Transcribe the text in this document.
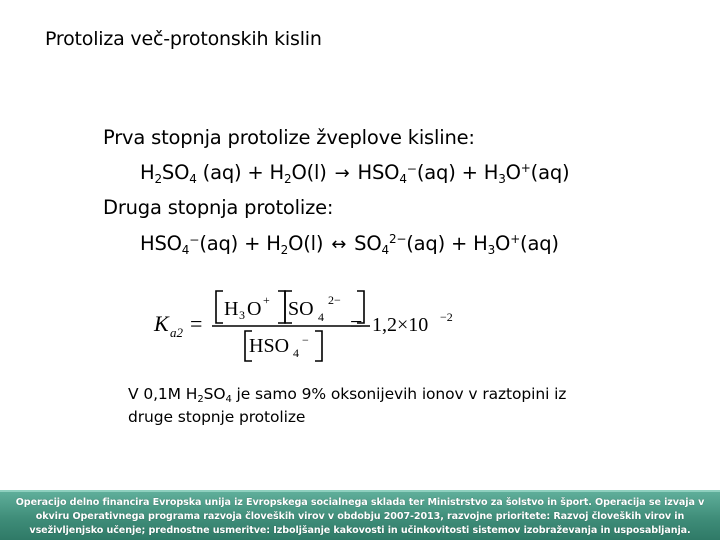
Protoliza več-protonskih kislin
Prva stopnja protolize žveplove kisline:
$H_2SO_4$ $(aq) + H_2O(l) \to HSO_4^-(aq) + H_3O^+(aq)$
Druga stopnja protolize:
$HSO_4^-(aq) + H_2O(l)$ ↔ $SO_4^{2-}(aq) + H_3O^+(aq)$
K a2 =
H 3 O + SO 4
2−
HSO 4
−
= 1,2×10 −2
V 0,1M $H_2SO_4$ je samo 9% oksonijevih ionov v raztopini iz druge stopnje protolize
Operacijo delno financira Evropska unija iz Evropskega socialnega sklada ter Ministrstvo za šolstvo in šport. Operacija se izvaja v
okviru Operativnega programa razvoja človeških virov v obdobju 2007-2013, razvojne prioritete: Razvoj človeških virov in
vseživljenjsko učenje; prednostne usmeritve: Izboljšanje kakovosti in učinkovitosti sistemov izobraževanja in usposabljanja.
